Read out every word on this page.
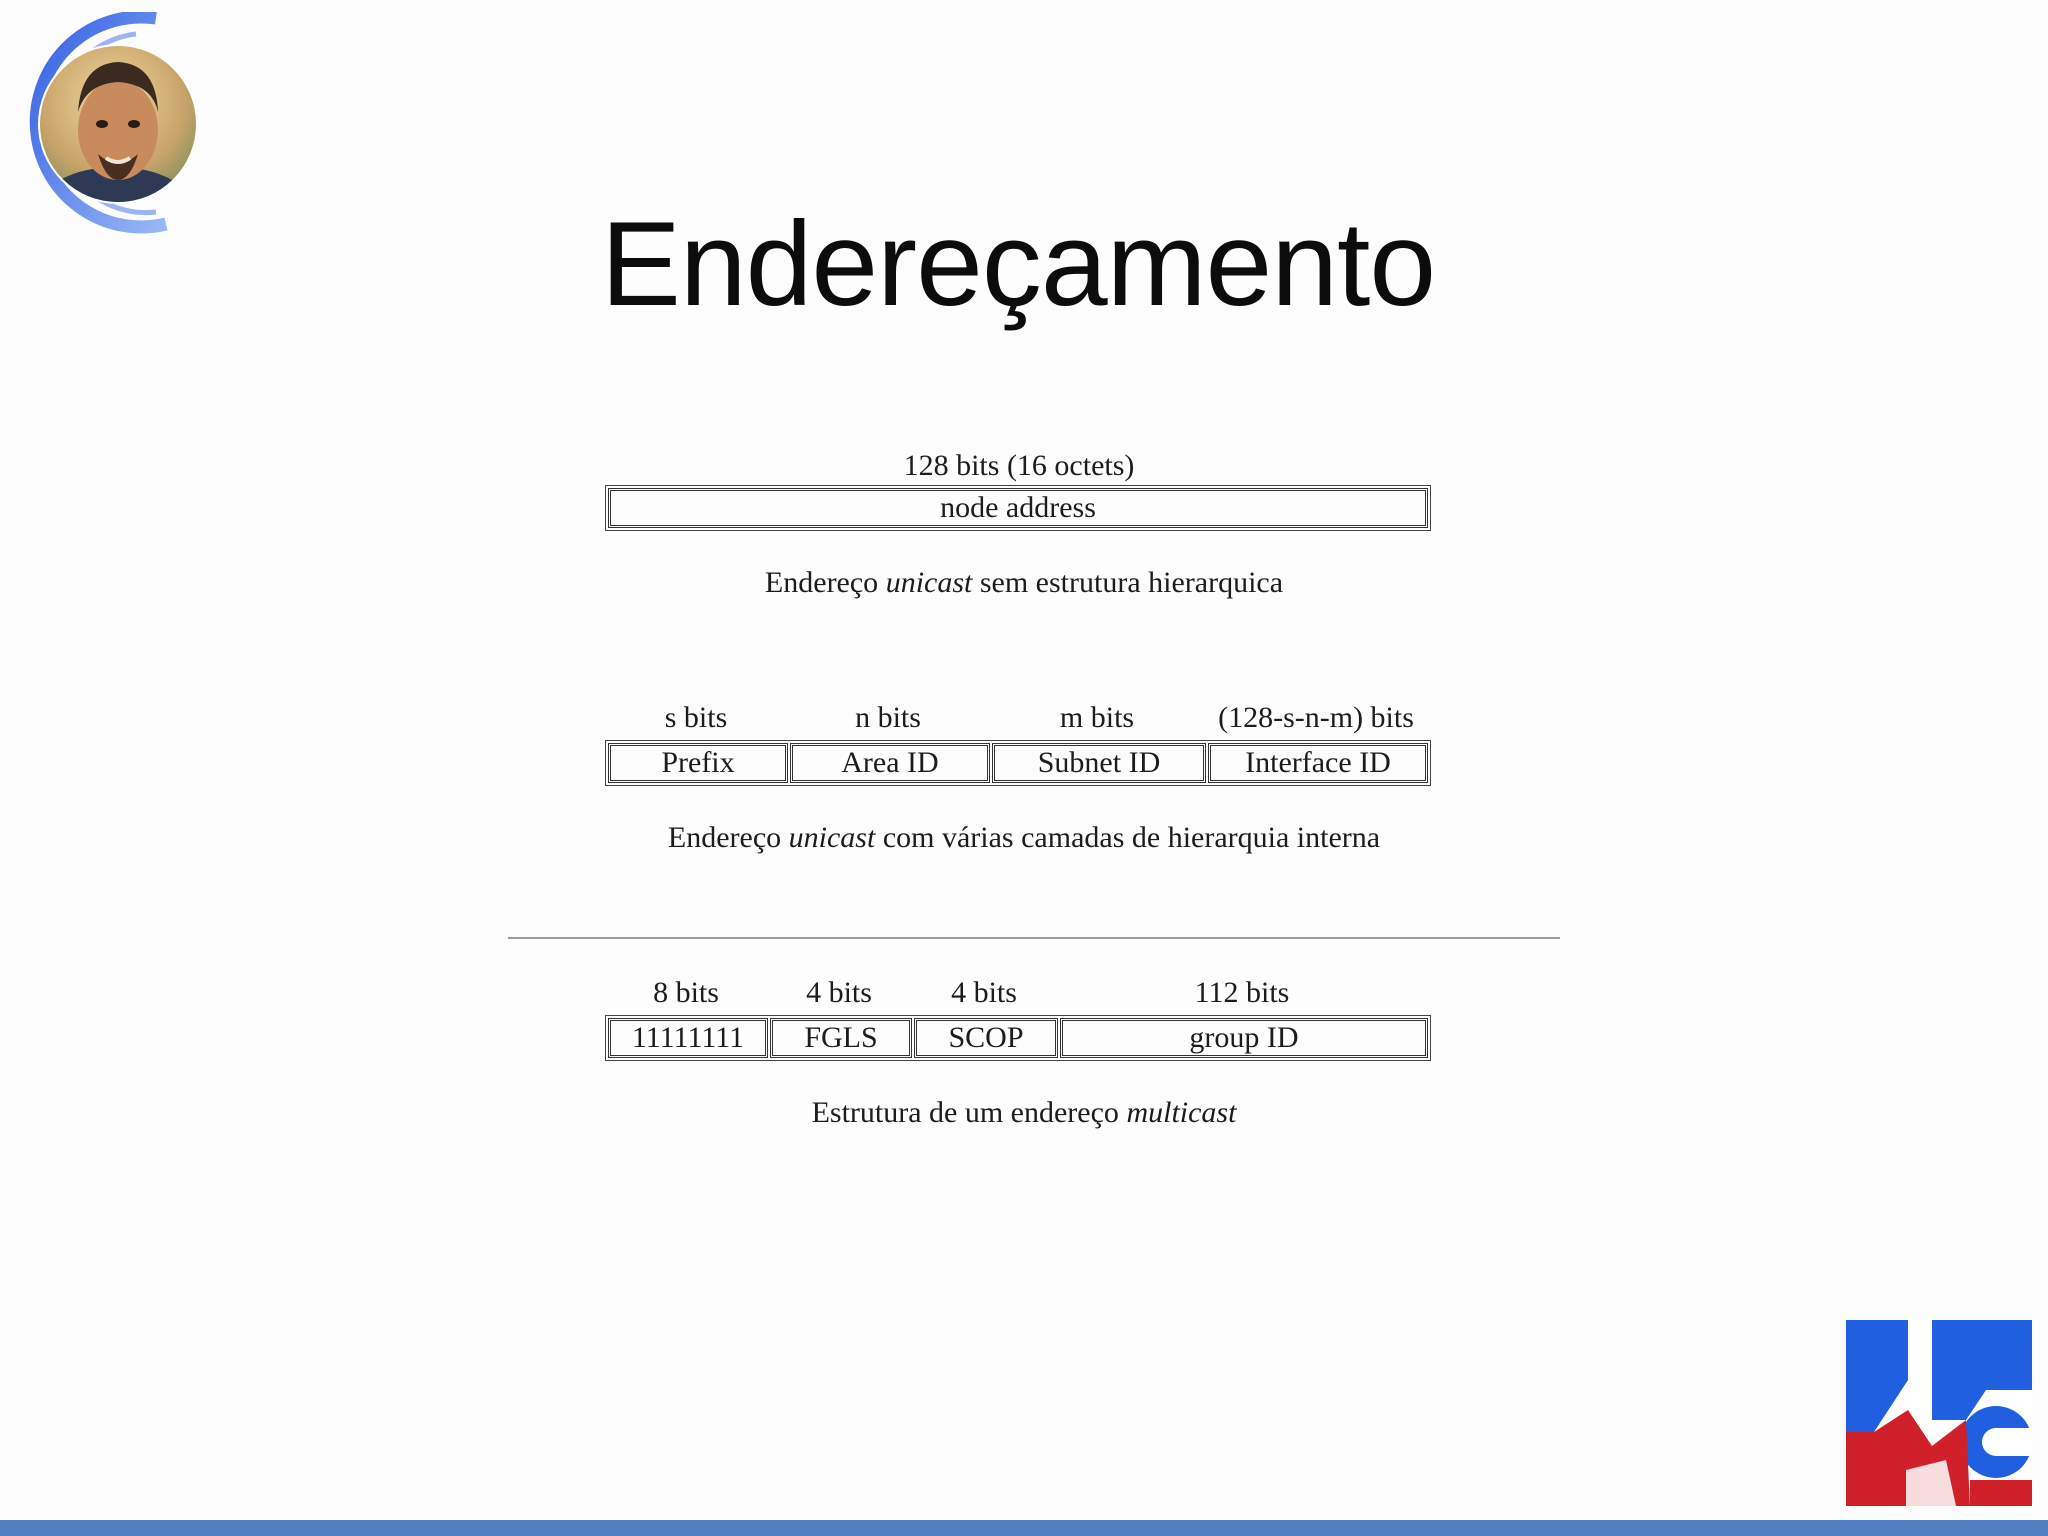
Endereçamento
128 bits (16 octets)
node address
Endereço unicast sem estrutura hierarquica
s bits	n bits	m bits	(128-s-n-m) bits
Prefix	Area ID	Subnet ID	Interface ID
Endereço unicast com várias camadas de hierarquia interna
8 bits	4 bits	4 bits	112 bits
11111111	FGLS	SCOP	group ID
Estrutura de um endereço multicast
